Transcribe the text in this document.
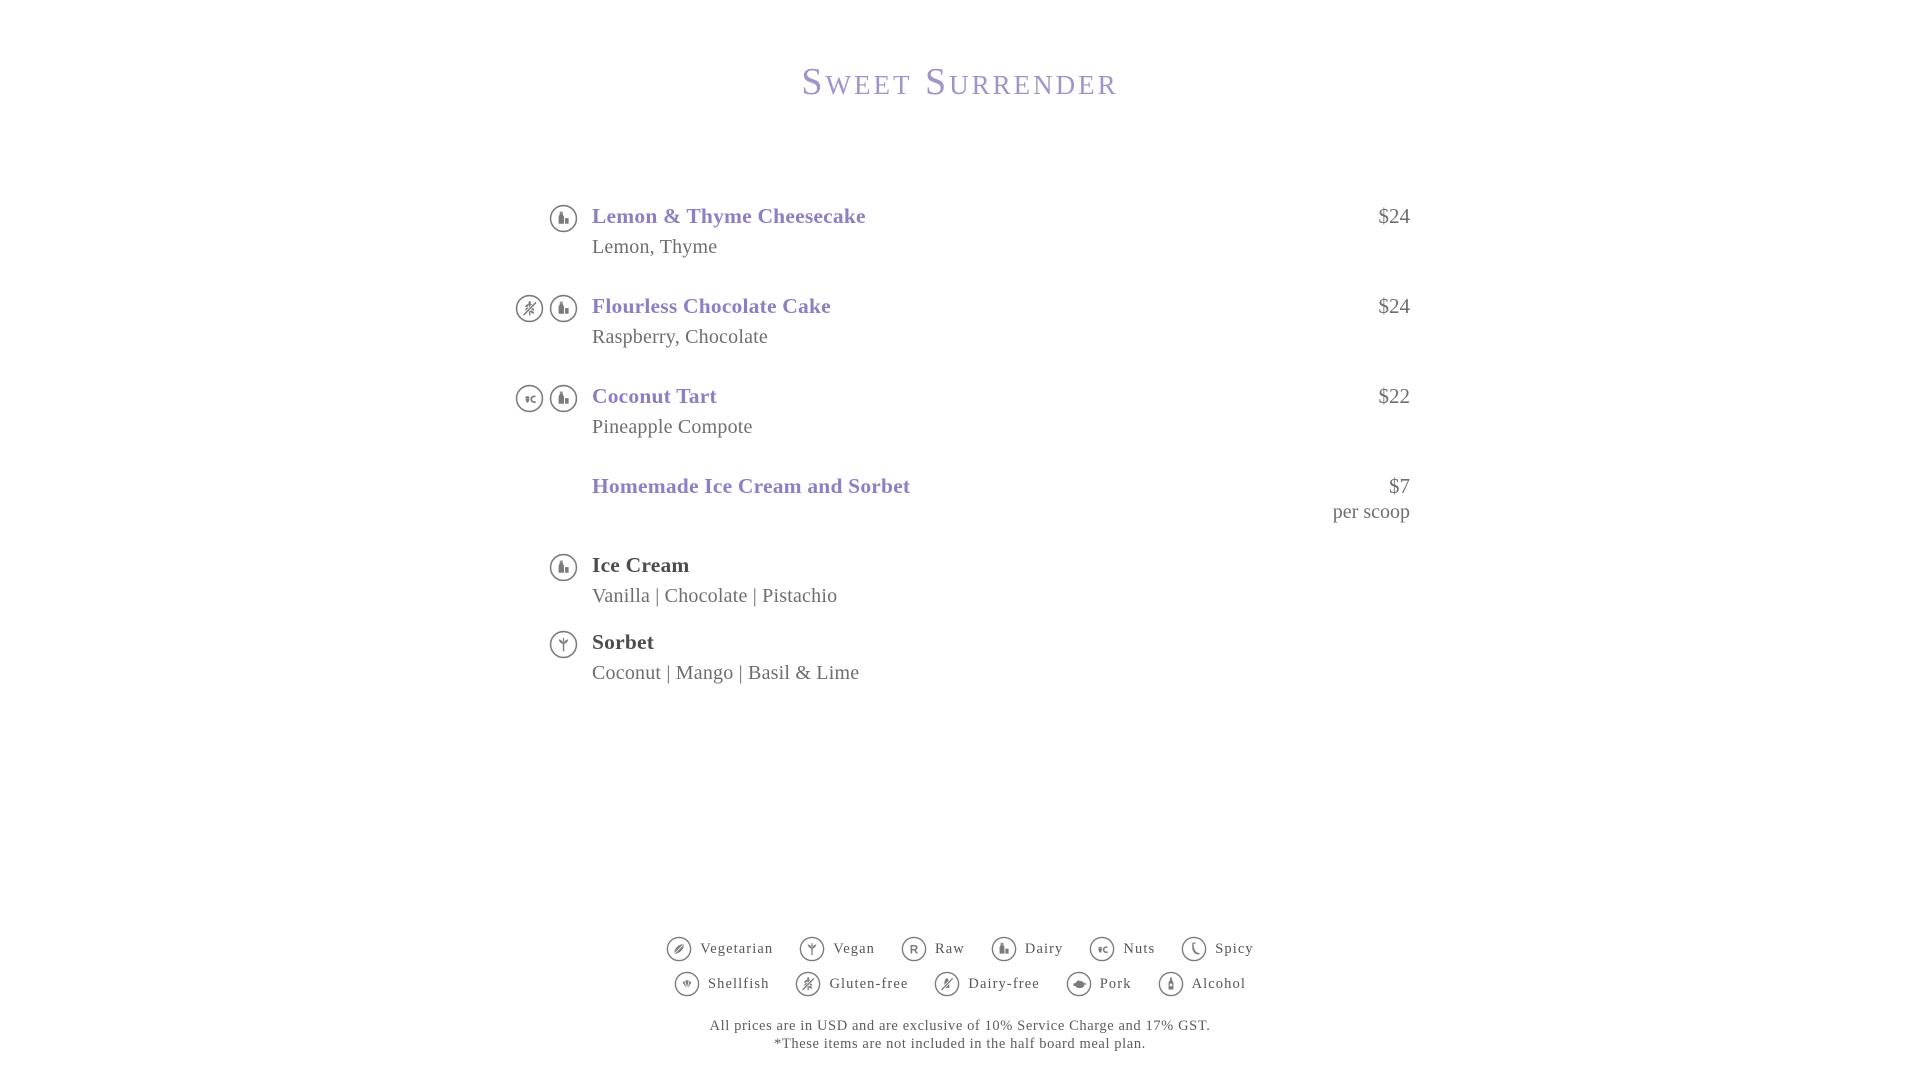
Sweet Surrender
Lemon & Thyme Cheesecake
Lemon, Thyme
$24
Flourless Chocolate Cake
Raspberry, Chocolate
$24
Coconut Tart
Pineapple Compote
$22
Homemade Ice Cream and Sorbet	$7
per scoop
Ice Cream
Vanilla | Chocolate | Pistachio
Sorbet
Coconut | Mango | Basil & Lime
Vegetarian	Vegan	R Raw	Dairy	Nuts	Spicy
Shellfish	Gluten-free	Dairy-free	Pork	Alcohol
All prices are in USD and are exclusive of 10% Service Charge and 17% GST.
*These items are not included in the half board meal plan.
